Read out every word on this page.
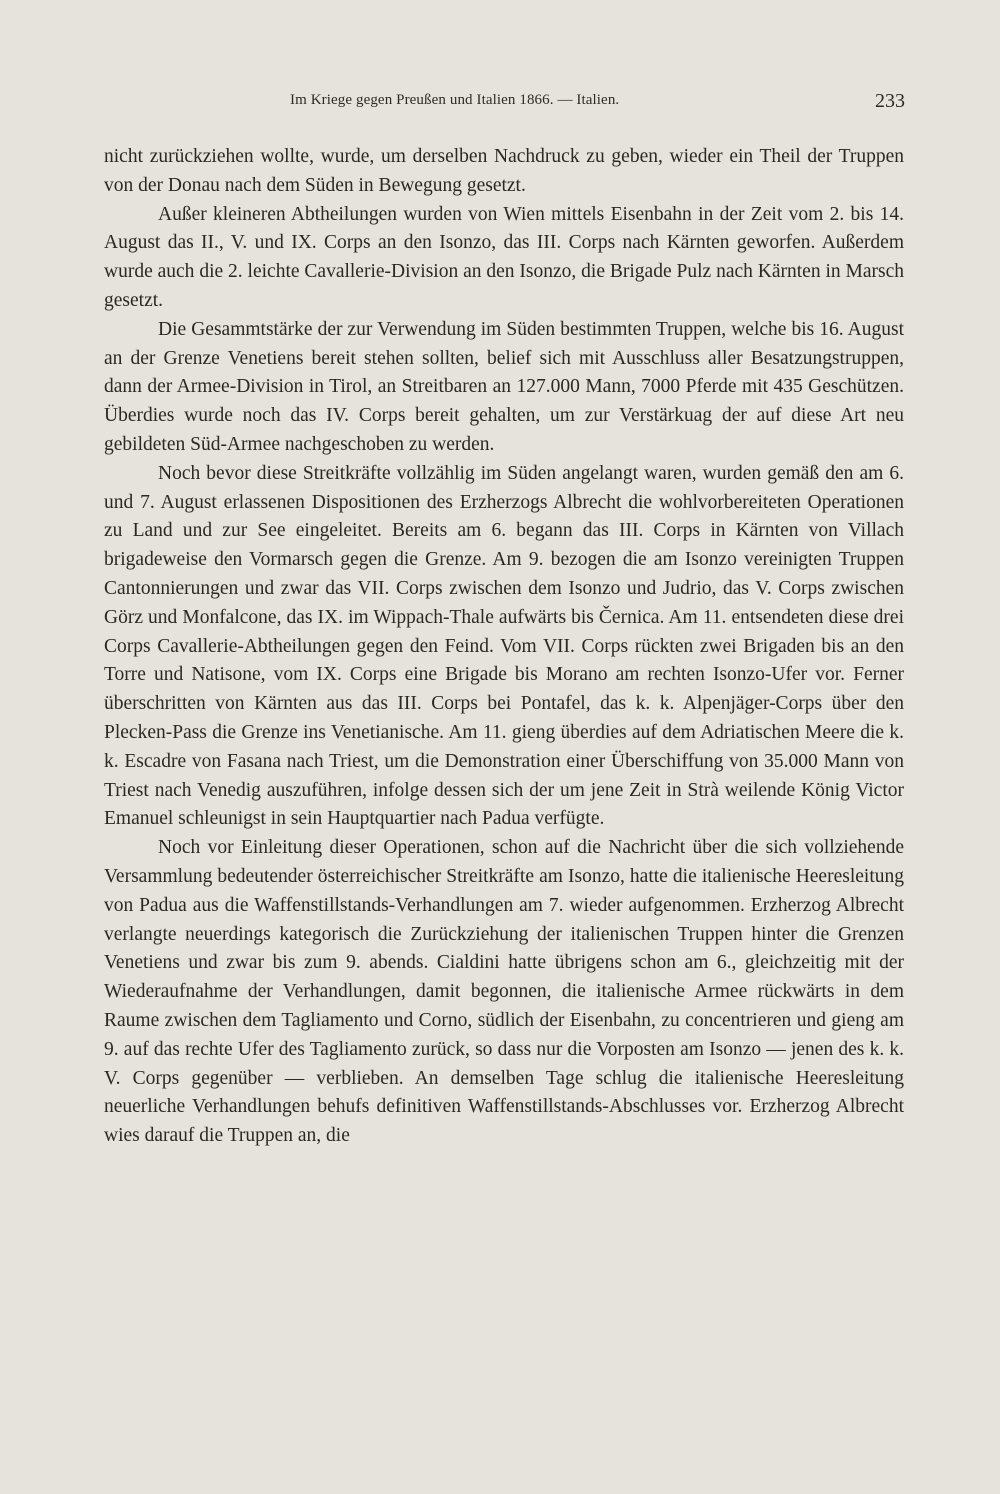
Im Kriege gegen Preußen und Italien 1866. — Italien.	233

nicht zurückziehen wollte, wurde, um derselben Nachdruck zu geben, wieder ein Theil der Truppen von der Donau nach dem Süden in Bewegung gesetzt.

Außer kleineren Abtheilungen wurden von Wien mittels Eisenbahn in der Zeit vom 2. bis 14. August das II., V. und IX. Corps an den Isonzo, das III. Corps nach Kärnten geworfen. Außerdem wurde auch die 2. leichte Cavallerie-Division an den Isonzo, die Brigade Pulz nach Kärnten in Marsch gesetzt.

Die Gesammtstärke der zur Verwendung im Süden bestimmten Truppen, welche bis 16. August an der Grenze Venetiens bereit stehen sollten, belief sich mit Ausschluss aller Besatzungstruppen, dann der Armee-Division in Tirol, an Streitbaren an 127.000 Mann, 7000 Pferde mit 435 Geschützen. Überdies wurde noch das IV. Corps bereit gehalten, um zur Verstärkuag der auf diese Art neu gebildeten Süd-Armee nachgeschoben zu werden.

Noch bevor diese Streitkräfte vollzählig im Süden angelangt waren, wurden gemäß den am 6. und 7. August erlassenen Dispositionen des Erzherzogs Albrecht die wohlvorbereiteten Operationen zu Land und zur See eingeleitet. Bereits am 6. begann das III. Corps in Kärnten von Villach brigadeweise den Vormarsch gegen die Grenze. Am 9. bezogen die am Isonzo vereinigten Truppen Cantonnierungen und zwar das VII. Corps zwischen dem Isonzo und Judrio, das V. Corps zwischen Görz und Monfalcone, das IX. im Wippach-Thale aufwärts bis Černica. Am 11. entsendeten diese drei Corps Cavallerie-Abtheilungen gegen den Feind. Vom VII. Corps rückten zwei Brigaden bis an den Torre und Natisone, vom IX. Corps eine Brigade bis Morano am rechten Isonzo-Ufer vor. Ferner überschritten von Kärnten aus das III. Corps bei Pontafel, das k. k. Alpenjäger-Corps über den Plecken-Pass die Grenze ins Venetianische. Am 11. gieng überdies auf dem Adriatischen Meere die k. k. Escadre von Fasana nach Triest, um die Demonstration einer Überschiffung von 35.000 Mann von Triest nach Venedig auszuführen, infolge dessen sich der um jene Zeit in Strà weilende König Victor Emanuel schleunigst in sein Hauptquartier nach Padua verfügte.

Noch vor Einleitung dieser Operationen, schon auf die Nachricht über die sich vollziehende Versammlung bedeutender österreichischer Streitkräfte am Isonzo, hatte die italienische Heeresleitung von Padua aus die Waffenstillstands-Verhandlungen am 7. wieder aufgenommen. Erzherzog Albrecht verlangte neuerdings kategorisch die Zurückziehung der italienischen Truppen hinter die Grenzen Venetiens und zwar bis zum 9. abends. Cialdini hatte übrigens schon am 6., gleichzeitig mit der Wiederaufnahme der Verhandlungen, damit begonnen, die italienische Armee rückwärts in dem Raume zwischen dem Tagliamento und Corno, südlich der Eisenbahn, zu concentrieren und gieng am 9. auf das rechte Ufer des Tagliamento zurück, so dass nur die Vorposten am Isonzo — jenen des k. k. V. Corps gegenüber — verblieben. An demselben Tage schlug die italienische Heeresleitung neuerliche Verhandlungen behufs definitiven Waffenstillstands-Abschlusses vor. Erzherzog Albrecht wies darauf die Truppen an, die
